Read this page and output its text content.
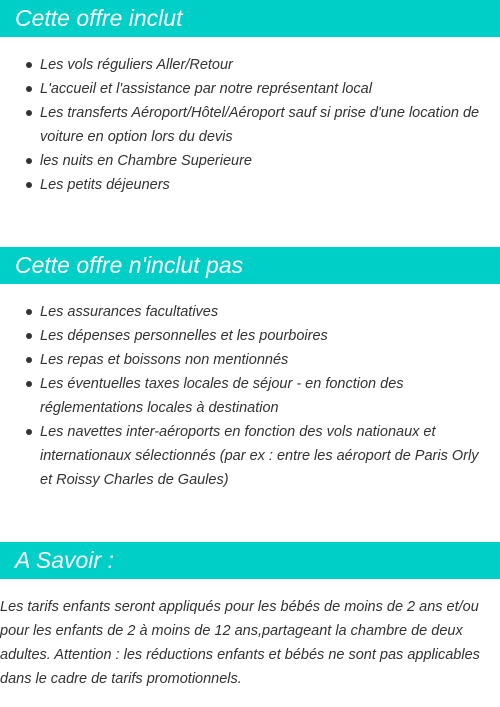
Cette offre inclut
Les vols réguliers Aller/Retour
L'accueil et l'assistance par notre représentant local
Les transferts Aéroport/Hôtel/Aéroport sauf si prise d'une location de voiture en option lors du devis
les nuits en Chambre Superieure
Les petits déjeuners
Cette offre n'inclut pas
Les assurances facultatives
Les dépenses personnelles et les pourboires
Les repas et boissons non mentionnés
Les éventuelles taxes locales de séjour - en fonction des réglementations locales à destination
Les navettes inter-aéroports en fonction des vols nationaux et internationaux sélectionnés (par ex : entre les aéroport de Paris Orly et Roissy Charles de Gaules)
A Savoir :

Les tarifs enfants seront appliqués pour les bébés de moins de 2 ans et/ou pour les enfants de 2 à moins de 12 ans,partageant la chambre de deux adultes. Attention : les réductions enfants et bébés ne sont pas applicables dans le cadre de tarifs promotionnels.
